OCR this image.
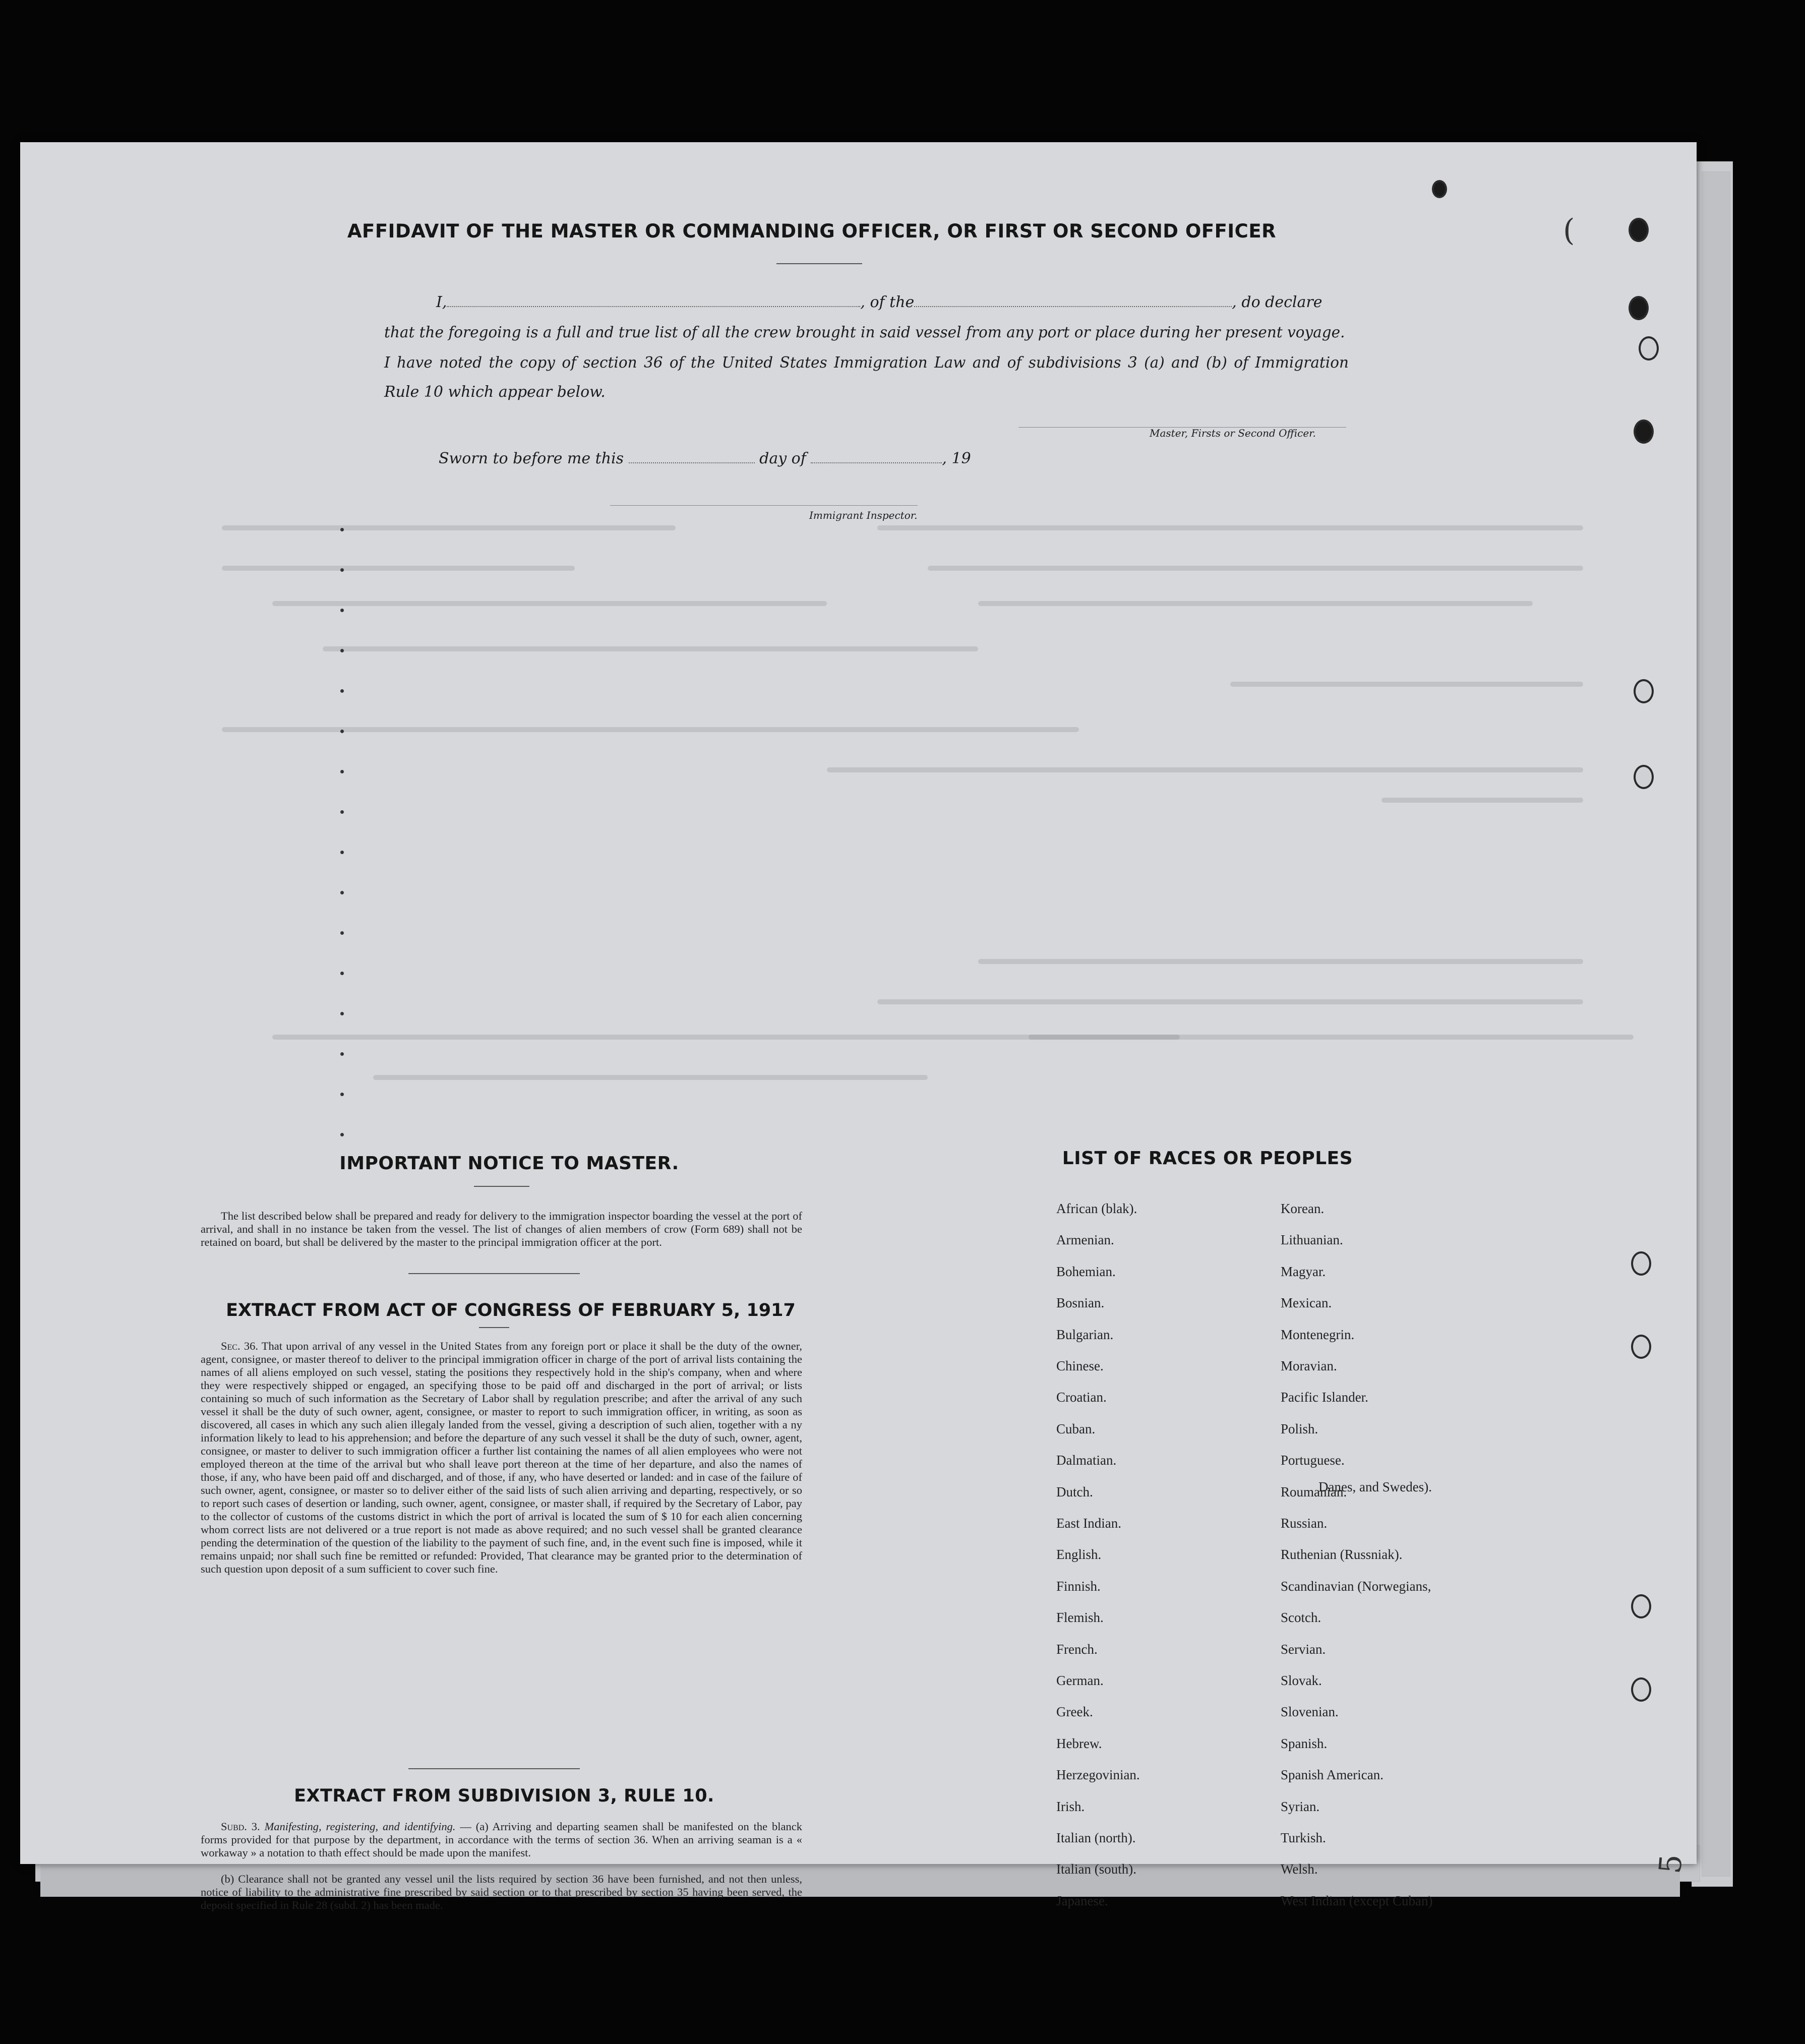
AFFIDAVIT OF THE MASTER OR COMMANDING OFFICER, OR FIRST OR SECOND OFFICER
I,	, of the	, do declare
that the foregoing is a full and true list of all the crew brought in said vessel from any port or place during her present voyage.
I have noted the copy of section 36 of the United States Immigration Law and of subdivisions 3 (a) and (b) of Immigration
Rule 10 which appear below.
Master, Firsts or Second Officer.
Sworn to before me this	day of	, 19
Immigrant Inspector.
IMPORTANT NOTICE TO MASTER.
The list described below shall be prepared and ready for delivery to the immigration inspector boarding the vessel at the port of arrival, and shall in no instance be taken from the vessel. The list of changes of alien members of crow (Form 689) shall not be retained on board, but shall be delivered by the master to the principal immigration officer at the port.
EXTRACT FROM ACT OF CONGRESS OF FEBRUARY 5, 1917
Sec. 36. That upon arrival of any vessel in the United States from any foreign port or place it shall be the duty of the owner, agent, consignee, or master thereof to deliver to the principal immigration officer in charge of the port of arrival lists containing the names of all aliens employed on such vessel, stating the positions they respectively hold in the ship's company, when and where they were respectively shipped or engaged, an specifying those to be paid off and discharged in the port of arrival; or lists containing so much of such information as the Secretary of Labor shall by regulation prescribe; and after the arrival of any such vessel it shall be the duty of such owner, agent, consignee, or master to report to such immigration officer, in writing, as soon as discovered, all cases in which any such alien illegaly landed from the vessel, giving a description of such alien, together with a ny information likely to lead to his apprehension; and before the departure of any such vessel it shall be the duty of such, owner, agent, consignee, or master to deliver to such immigration officer a further list containing the names of all alien employees who were not employed thereon at the time of the arrival but who shall leave port thereon at the time of her departure, and also the names of those, if any, who have been paid off and discharged, and of those, if any, who have deserted or landed: and in case of the failure of such owner, agent, consignee, or master so to deliver either of the said lists of such alien arriving and departing, respectively, or so to report such cases of desertion or landing, such owner, agent, consignee, or master shall, if required by the Secretary of Labor, pay to the collector of customs of the customs district in which the port of arrival is located the sum of $ 10 for each alien concerning whom correct lists are not delivered or a true report is not made as above required; and no such vessel shall be granted clearance pending the determination of the question of the liability to the payment of such fine, and, in the event such fine is imposed, while it remains unpaid; nor shall such fine be remitted or refunded: Provided, That clearance may be granted prior to the determination of such question upon deposit of a sum sufficient to cover such fine.
EXTRACT FROM SUBDIVISION 3, RULE 10.
Subd. 3. Manifesting, registering, and identifying. — (a) Arriving and departing seamen shall be manifested on the blanck forms provided for that purpose by the department, in accordance with the terms of section 36. When an arriving seaman is a « workaway » a notation to thath effect should be made upon the manifest.
(b) Clearance shall not be granted any vessel unil the lists required by section 36 have been furnished, and not then unless, notice of liability to the administrative fine prescribed by said section or to that prescribed by section 35 having been served, the deposit specified in Rule 28 (subd. 2) has been made.
LIST OF RACES OR PEOPLES
African (blak).
Armenian.
Bohemian.
Bosnian.
Bulgarian.
Chinese.
Croatian.
Cuban.
Dalmatian.
Dutch.
East Indian.
English.
Finnish.
Flemish.
French.
German.
Greek.
Hebrew.
Herzegovinian.
Irish.
Italian (north).
Italian (south).
Japanese.
Korean.
Lithuanian.
Magyar.
Mexican.
Montenegrin.
Moravian.
Pacific Islander.
Polish.
Portuguese.
Roumanian.
Russian.
Ruthenian (Russniak).
Scandinavian (Norwegians,
Scotch.
Servian.
Slovak.
Slovenian.
Spanish.
Spanish American.
Syrian.
Turkish.
Welsh.
West Indian (except Cuban)
Danes, and Swedes).
5
(
